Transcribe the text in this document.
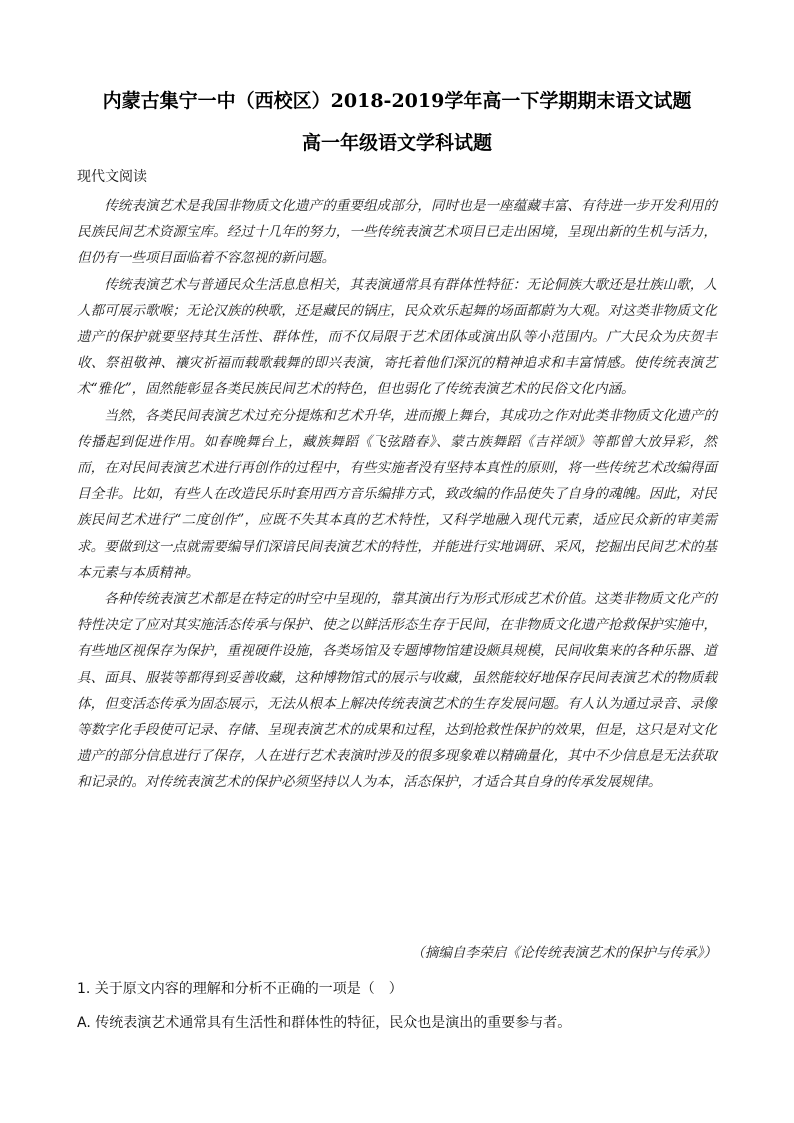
内蒙古集宁一中（西校区）2018-2019学年高一下学期期末语文试题
高一年级语文学科试题
现代文阅读

传统表演艺术是我国非物质文化遗产的重要组成部分，同时也是一座蕴藏丰富、有待进一步开发利用的民族民间艺术资源宝库。经过十几年的努力，一些传统表演艺术项目已走出困境，呈现出新的生机与活力，但仍有一些项目面临着不容忽视的新问题。

传统表演艺术与普通民众生活息息相关，其表演通常具有群体性特征：无论侗族大歌还是壮族山歌，人人都可展示歌喉；无论汉族的秧歌，还是藏民的锅庄，民众欢乐起舞的场面都蔚为大观。对这类非物质文化遗产的保护就要坚持其生活性、群体性，而不仅局限于艺术团体或演出队等小范围内。广大民众为庆贺丰收、祭祖敬神、禳灾祈福而载歌载舞的即兴表演，寄托着他们深沉的精神追求和丰富情感。使传统表演艺术“雅化”，固然能彰显各类民族民间艺术的特色，但也弱化了传统表演艺术的民俗文化内涵。

当然，各类民间表演艺术过充分提炼和艺术升华，进而搬上舞台，其成功之作对此类非物质文化遗产的传播起到促进作用。如春晚舞台上，藏族舞蹈《飞弦踏春》、蒙古族舞蹈《吉祥颂》等都曾大放异彩，然而，在对民间表演艺术进行再创作的过程中，有些实施者没有坚持本真性的原则，将一些传统艺术改编得面目全非。比如，有些人在改造民乐时套用西方音乐编排方式，致改编的作品使失了自身的魂魄。因此，对民族民间艺术进行“二度创作”，应既不失其本真的艺术特性，又科学地融入现代元素，适应民众新的审美需求。要做到这一点就需要编导们深谙民间表演艺术的特性，并能进行实地调研、采风，挖掘出民间艺术的基本元素与本质精神。

各种传统表演艺术都是在特定的时空中呈现的，靠其演出行为形式形成艺术价值。这类非物质文化产的特性决定了应对其实施活态传承与保护、使之以鲜活形态生存于民间，在非物质文化遗产抢救保护实施中，有些地区视保存为保护，重视硬件设施，各类场馆及专题博物馆建设颇具规模，民间收集来的各种乐器、道具、面具、服装等都得到妥善收藏，这种博物馆式的展示与收藏，虽然能较好地保存民间表演艺术的物质载体，但变活态传承为固态展示，无法从根本上解决传统表演艺术的生存发展问题。有人认为通过录音、录像等数字化手段使可记录、存储、呈现表演艺术的成果和过程，达到抢救性保护的效果，但是，这只是对文化遗产的部分信息进行了保存，人在进行艺术表演时涉及的很多现象难以精确量化，其中不少信息是无法获取和记录的。对传统表演艺术的保护必须坚持以人为本，活态保护，才适合其自身的传承发展规律。

（摘编自李荣启《论传统表演艺术的保护与传承》）
1. 关于原文内容的理解和分析不正确的一项是（　）
A. 传统表演艺术通常具有生活性和群体性的特征，民众也是演出的重要参与者。
